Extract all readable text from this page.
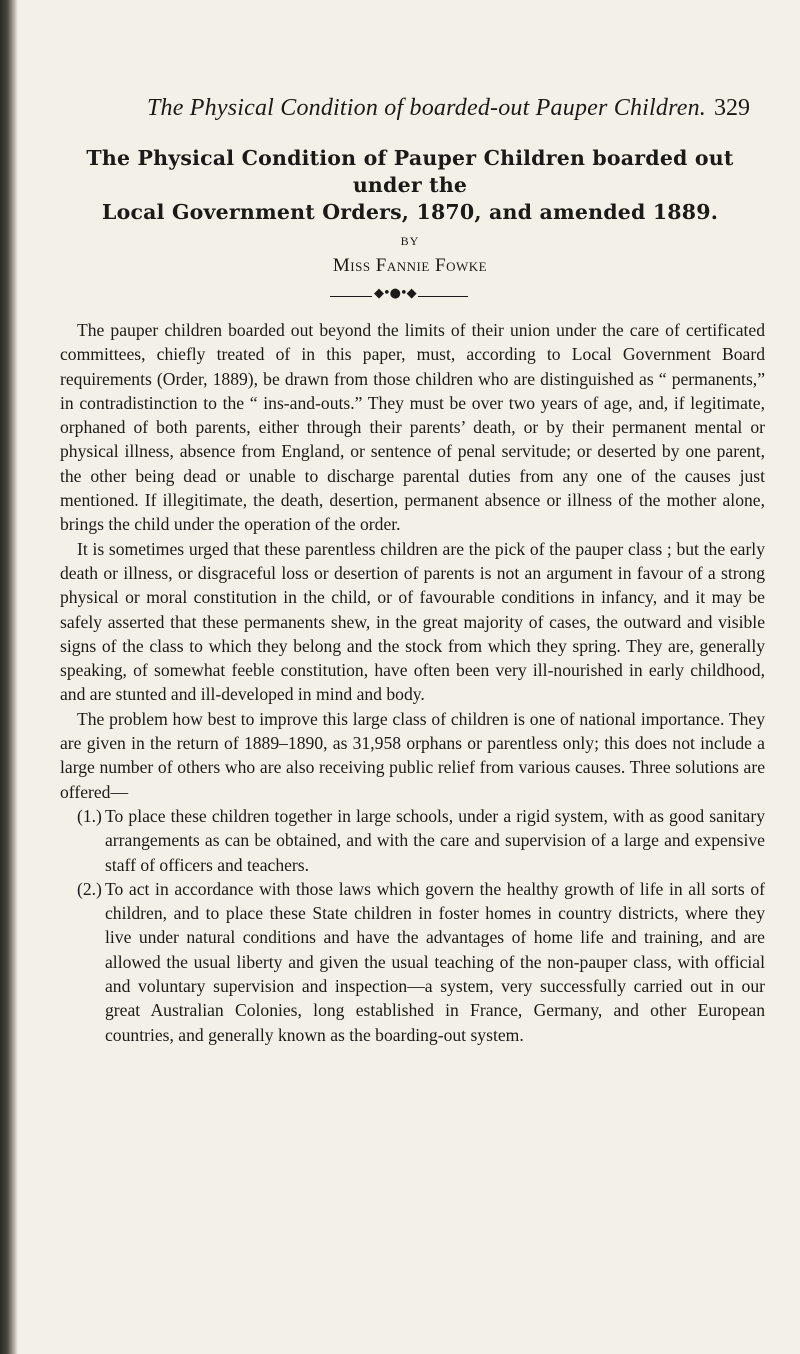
The Physical Condition of boarded-out Pauper Children. 329
The Physical Condition of Pauper Children boarded out under the
Local Government Orders, 1870, and amended 1889.
BY
Miss Fannie Fowke
◆•●•◆

The pauper children boarded out beyond the limits of their union under the care of certificated committees, chiefly treated of in this paper, must, according to Local Government Board requirements (Order, 1889), be drawn from those children who are distinguished as “ permanents,” in contradistinction to the “ ins-and-outs.” They must be over two years of age, and, if legitimate, orphaned of both parents, either through their parents’ death, or by their permanent mental or physical illness, absence from England, or sentence of penal servitude; or deserted by one parent, the other being dead or unable to discharge parental duties from any one of the causes just mentioned. If illegitimate, the death, desertion, permanent absence or illness of the mother alone, brings the child under the operation of the order.

It is sometimes urged that these parentless children are the pick of the pauper class ; but the early death or illness, or disgraceful loss or desertion of parents is not an argument in favour of a strong physical or moral constitution in the child, or of favourable conditions in infancy, and it may be safely asserted that these permanents shew, in the great majority of cases, the outward and visible signs of the class to which they belong and the stock from which they spring. They are, generally speaking, of somewhat feeble constitution, have often been very ill-nourished in early childhood, and are stunted and ill-developed in mind and body.

The problem how best to improve this large class of children is one of national importance. They are given in the return of 1889–1890, as 31,958 orphans or parentless only; this does not include a large number of others who are also receiving public relief from various causes. Three solutions are offered—

(1.) To place these children together in large schools, under a rigid system, with as good sanitary arrangements as can be obtained, and with the care and supervision of a large and expensive staff of officers and teachers.

(2.) To act in accordance with those laws which govern the healthy growth of life in all sorts of children, and to place these State children in foster homes in country districts, where they live under natural conditions and have the advantages of home life and training, and are allowed the usual liberty and given the usual teaching of the non-pauper class, with official and voluntary supervision and inspection—a system, very successfully carried out in our great Australian Colonies, long established in France, Germany, and other European countries, and generally known as the boarding-out system.
